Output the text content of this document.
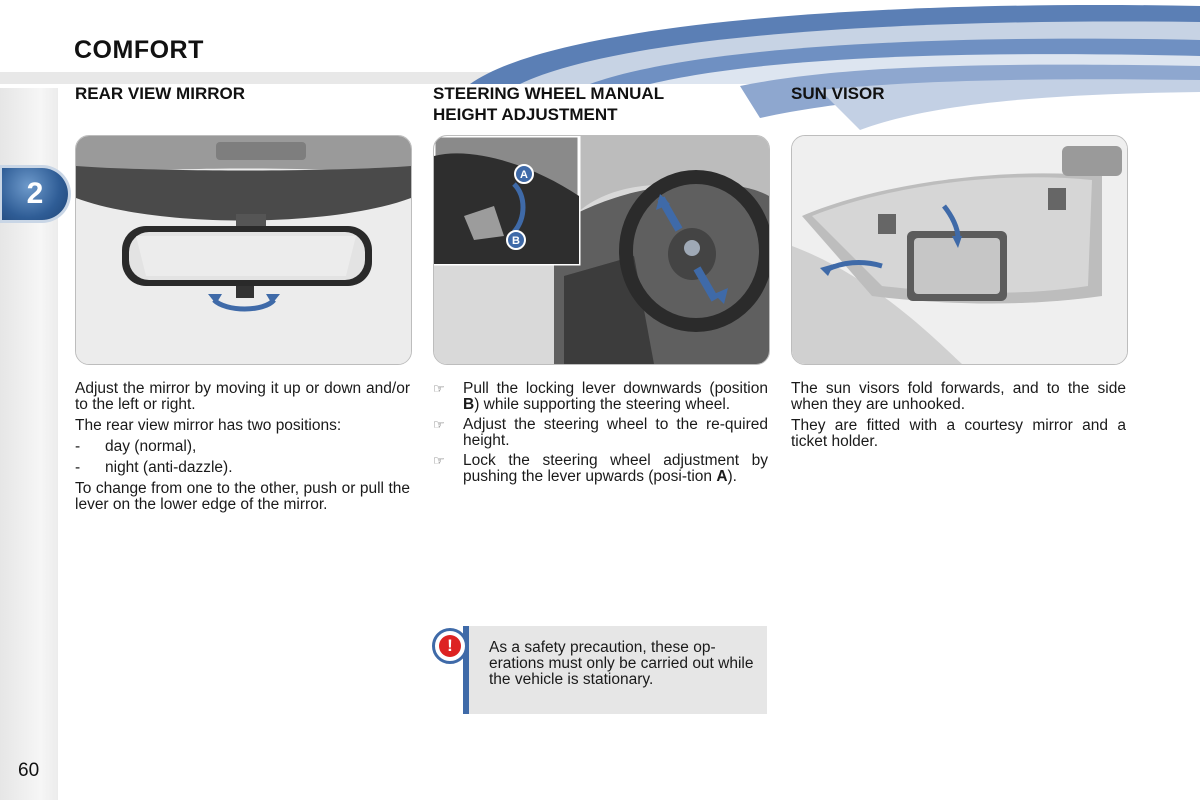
COMFORT
2
REAR VIEW MIRROR	STEERING WHEEL MANUAL
HEIGHT ADJUSTMENT
SUN VISOR
A
B

Adjust the mirror by moving it up or down and/or to the left or right.

The rear view mirror has two positions:

-	day (normal),
-	night (anti-dazzle).

To change from one to the other, push or pull the lever on the lower edge of the mirror.

☞	Pull the locking lever downwards (position B) while supporting the steering wheel.
☞	Adjust the steering wheel to the re-quired height.
☞	Lock the steering wheel adjustment by pushing the lever upwards (posi-tion A).

The sun visors fold forwards, and to the side when they are unhooked.

They are fitted with a courtesy mirror and a ticket holder.

As a safety precaution, these op-erations must only be carried out while the vehicle is stationary.
!
60
